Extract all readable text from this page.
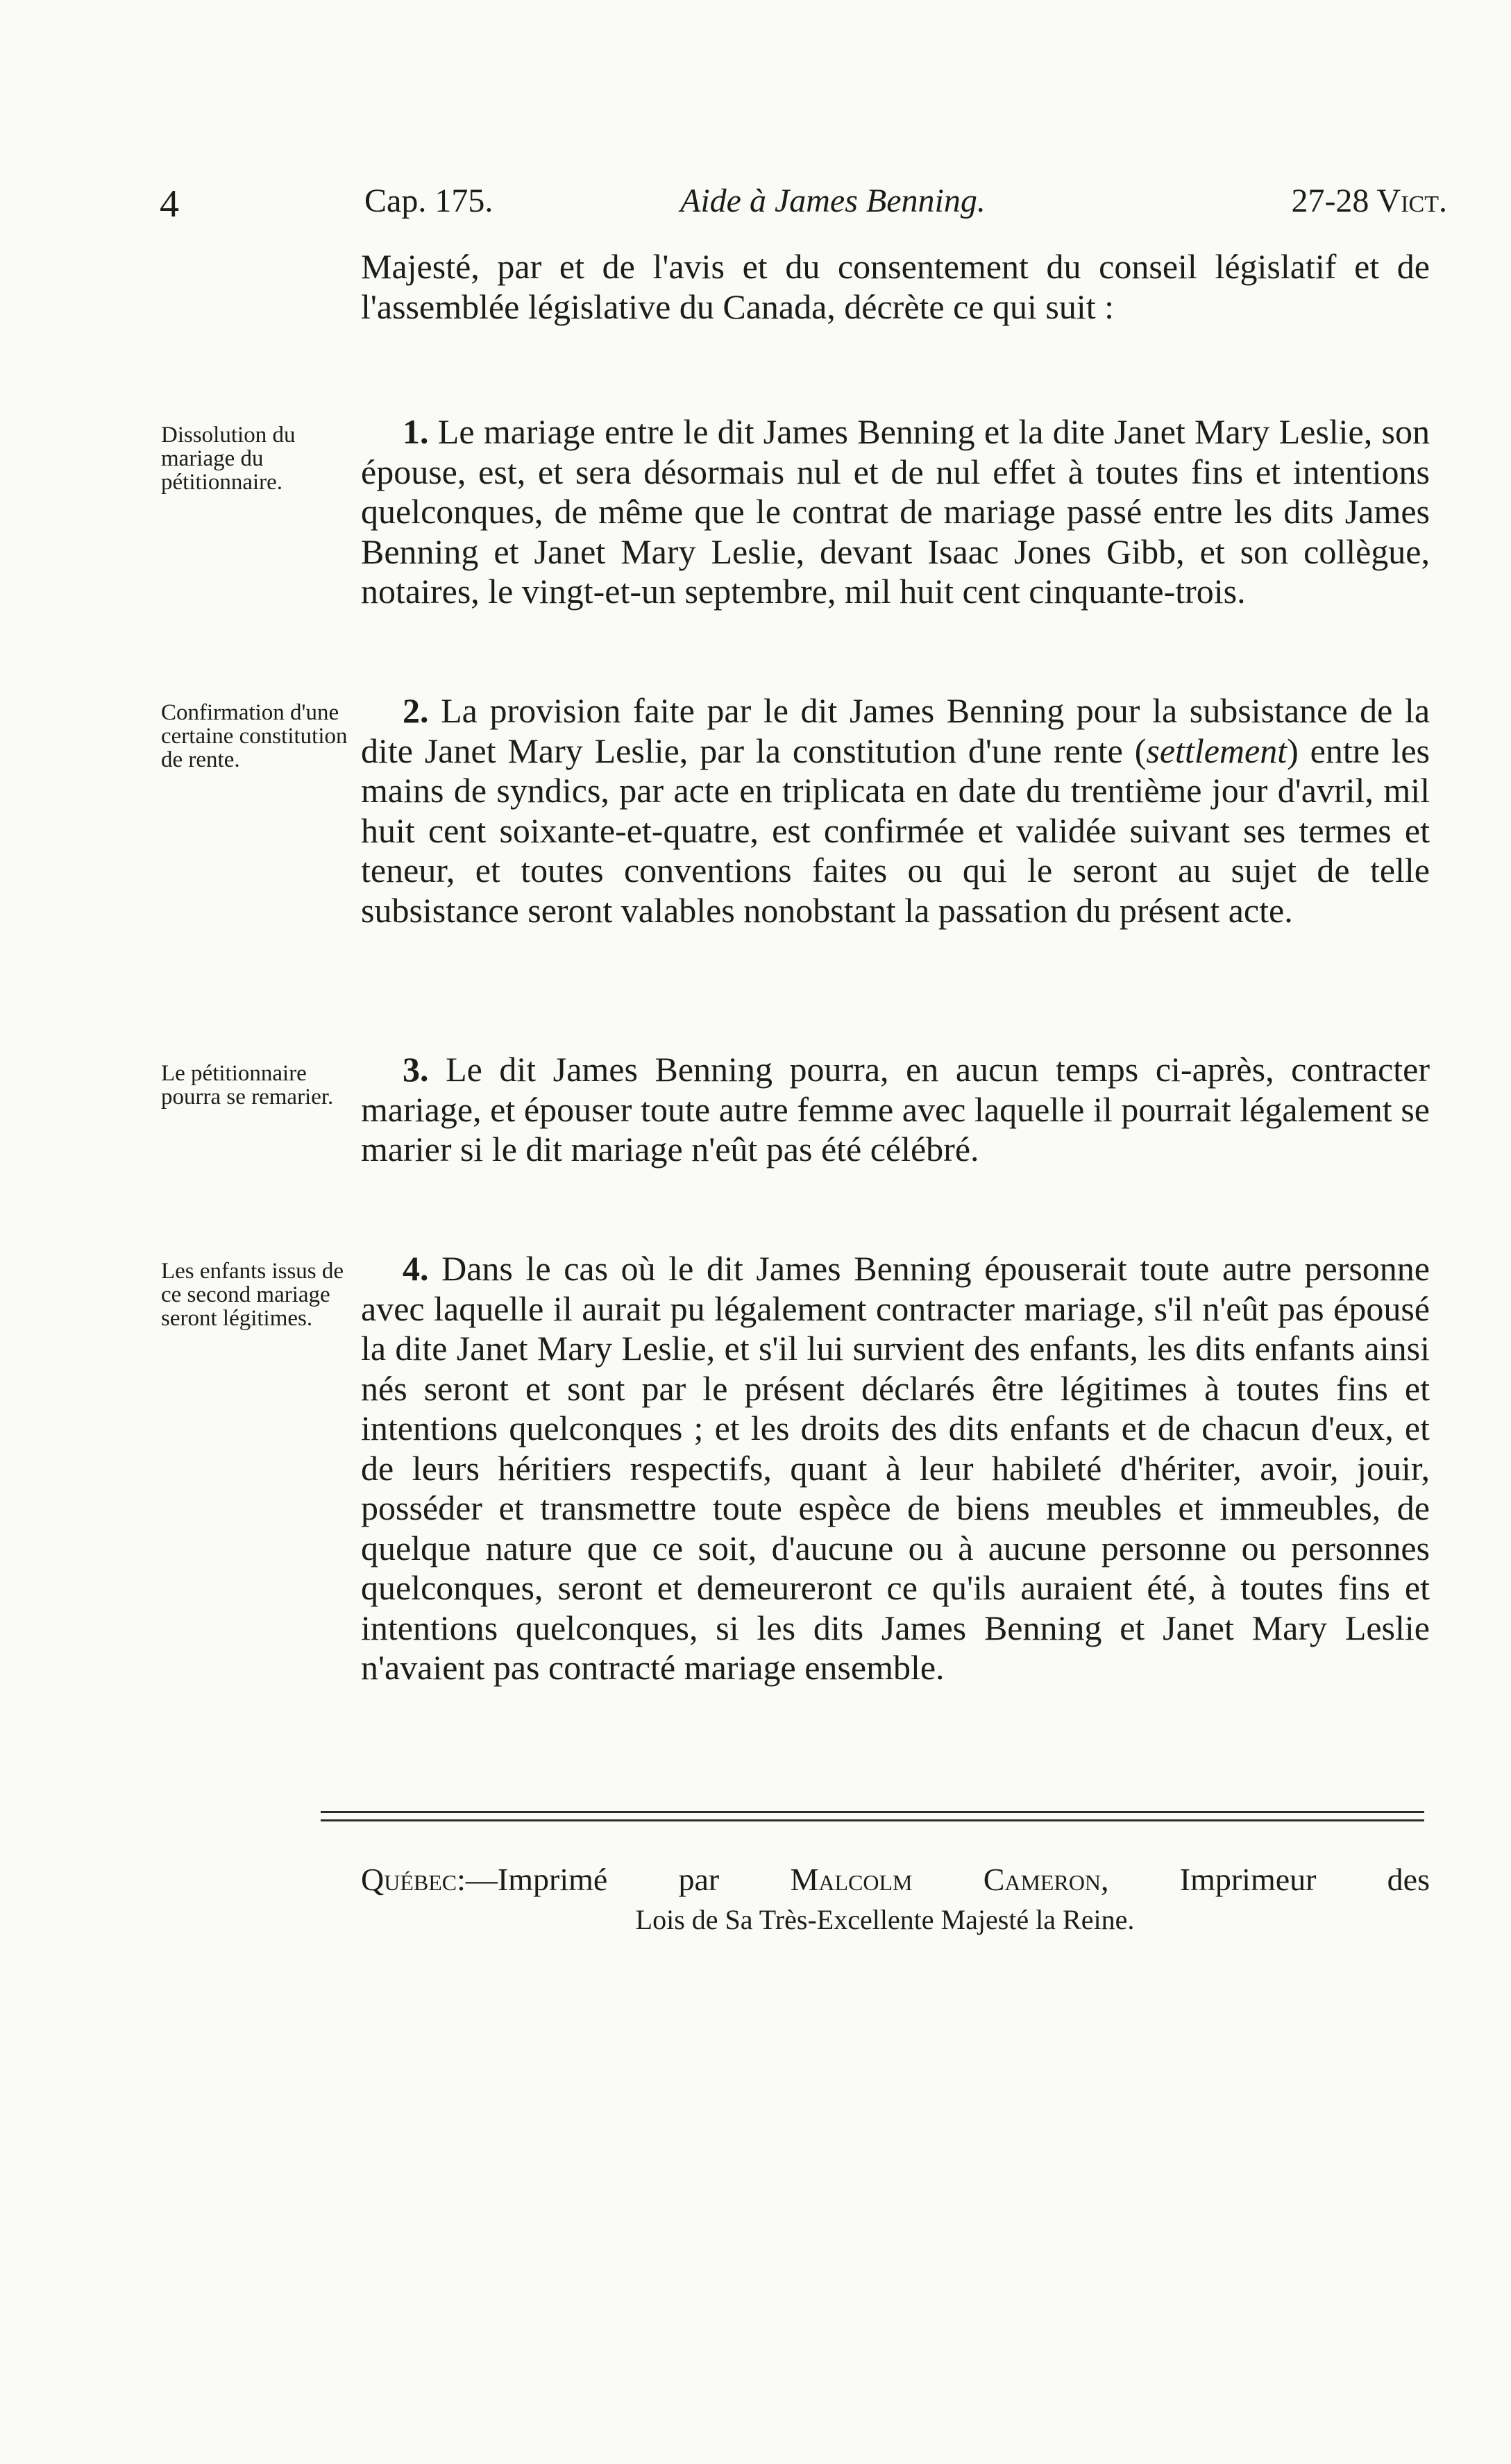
4	Cap. 175.	Aide à James Benning.	27-28 Vict.

Majesté, par et de l'avis et du consentement du conseil législatif et de l'assemblée législative du Canada, décrète ce qui suit :

Dissolution du mariage du pétitionnaire.

1. Le mariage entre le dit James Benning et la dite Janet Mary Leslie, son épouse, est, et sera désormais nul et de nul effet à toutes fins et intentions quelconques, de même que le contrat de mariage passé entre les dits James Benning et Janet Mary Leslie, devant Isaac Jones Gibb, et son collègue, notaires, le vingt-et-un septembre, mil huit cent cinquante-trois.

Confirmation d'une certaine constitution de rente.

2. La provision faite par le dit James Benning pour la subsistance de la dite Janet Mary Leslie, par la constitution d'une rente (settlement) entre les mains de syndics, par acte en triplicata en date du trentième jour d'avril, mil huit cent soixante-et-quatre, est confirmée et validée suivant ses termes et teneur, et toutes conventions faites ou qui le seront au sujet de telle subsistance seront valables nonobstant la passation du présent acte.

Le pétitionnaire pourra se remarier.

3. Le dit James Benning pourra, en aucun temps ci-après, contracter mariage, et épouser toute autre femme avec laquelle il pourrait légalement se marier si le dit mariage n'eût pas été célébré.

Les enfants issus de ce second mariage seront légitimes.

4. Dans le cas où le dit James Benning épouserait toute autre personne avec laquelle il aurait pu légalement contracter mariage, s'il n'eût pas épousé la dite Janet Mary Leslie, et s'il lui survient des enfants, les dits enfants ainsi nés seront et sont par le présent déclarés être légitimes à toutes fins et intentions quelconques ; et les droits des dits enfants et de chacun d'eux, et de leurs héritiers respectifs, quant à leur habileté d'hériter, avoir, jouir, posséder et transmettre toute espèce de biens meubles et immeubles, de quelque nature que ce soit, d'aucune ou à aucune personne ou personnes quelconques, seront et demeureront ce qu'ils auraient été, à toutes fins et intentions quelconques, si les dits James Benning et Janet Mary Leslie n'avaient pas contracté mariage ensemble.

Québec:—Imprimé par Malcolm Cameron, Imprimeur des
Lois de Sa Très-Excellente Majesté la Reine.
